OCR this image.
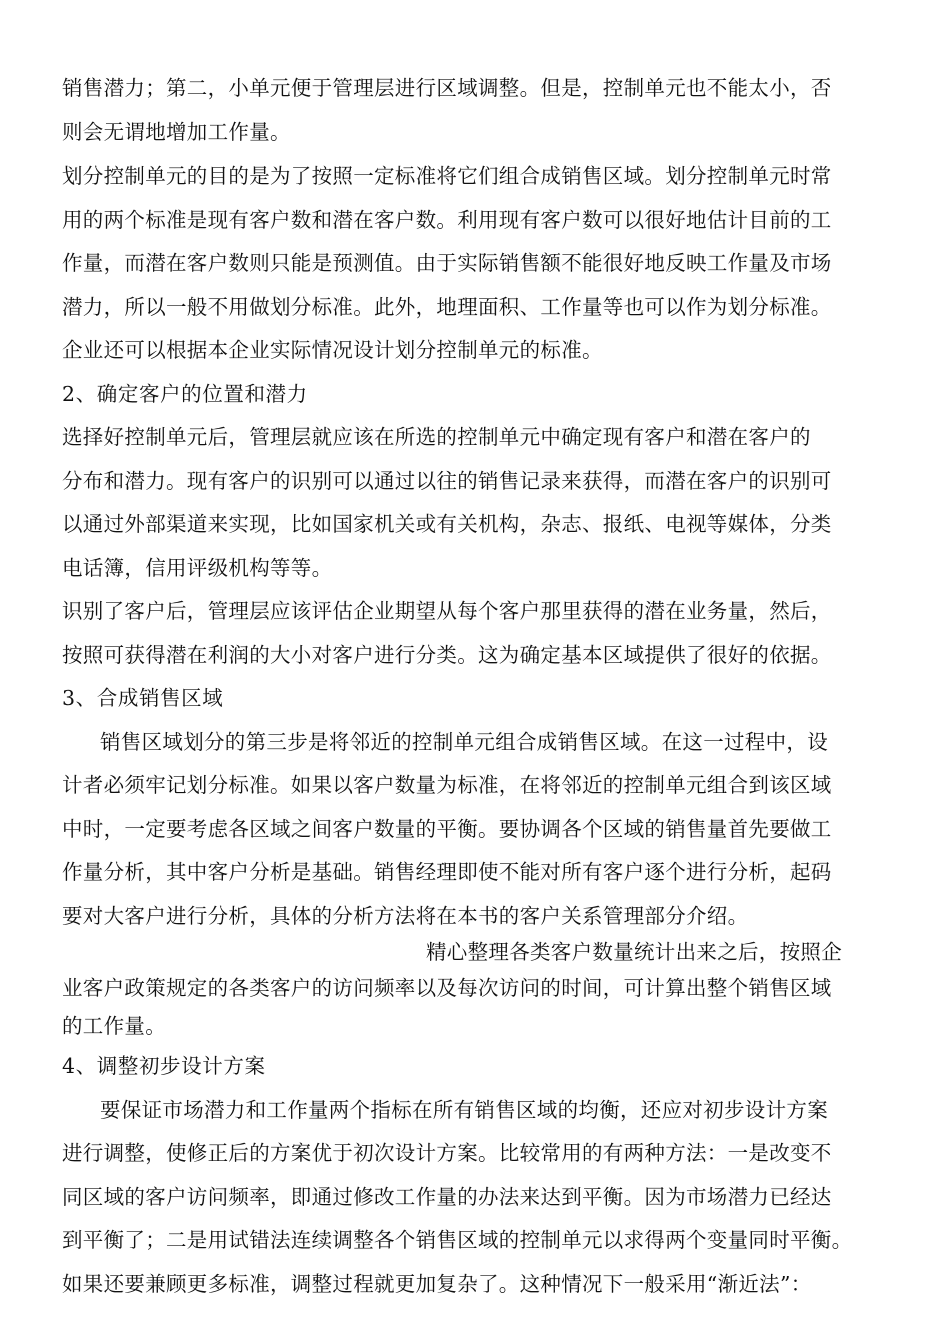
销售潜力；第二，小单元便于管理层进行区域调整。但是，控制单元也不能太小，否
则会无谓地增加工作量。
划分控制单元的目的是为了按照一定标准将它们组合成销售区域。划分控制单元时常
用的两个标准是现有客户数和潜在客户数。利用现有客户数可以很好地估计目前的工
作量，而潜在客户数则只能是预测值。由于实际销售额不能很好地反映工作量及市场
潜力，所以一般不用做划分标准。此外，地理面积、工作量等也可以作为划分标准。
企业还可以根据本企业实际情况设计划分控制单元的标准。
2、确定客户的位置和潜力
选择好控制单元后，管理层就应该在所选的控制单元中确定现有客户和潜在客户的
分布和潜力。现有客户的识别可以通过以往的销售记录来获得，而潜在客户的识别可
以通过外部渠道来实现，比如国家机关或有关机构，杂志、报纸、电视等媒体，分类
电话簿，信用评级机构等等。
识别了客户后，管理层应该评估企业期望从每个客户那里获得的潜在业务量，然后，
按照可获得潜在利润的大小对客户进行分类。这为确定基本区域提供了很好的依据。
3、合成销售区域
销售区域划分的第三步是将邻近的控制单元组合成销售区域。在这一过程中，设
计者必须牢记划分标准。如果以客户数量为标准，在将邻近的控制单元组合到该区域
中时，一定要考虑各区域之间客户数量的平衡。要协调各个区域的销售量首先要做工
作量分析，其中客户分析是基础。销售经理即使不能对所有客户逐个进行分析，起码
要对大客户进行分析，具体的分析方法将在本书的客户关系管理部分介绍。
精心整理各类客户数量统计出来之后，按照企
业客户政策规定的各类客户的访问频率以及每次访问的时间，可计算出整个销售区域
的工作量。
4、调整初步设计方案
要保证市场潜力和工作量两个指标在所有销售区域的均衡，还应对初步设计方案
进行调整，使修正后的方案优于初次设计方案。比较常用的有两种方法：一是改变不
同区域的客户访问频率，即通过修改工作量的办法来达到平衡。因为市场潜力已经达
到平衡了；二是用试错法连续调整各个销售区域的控制单元以求得两个变量同时平衡。
如果还要兼顾更多标准，调整过程就更加复杂了。这种情况下一般采用“渐近法”：
